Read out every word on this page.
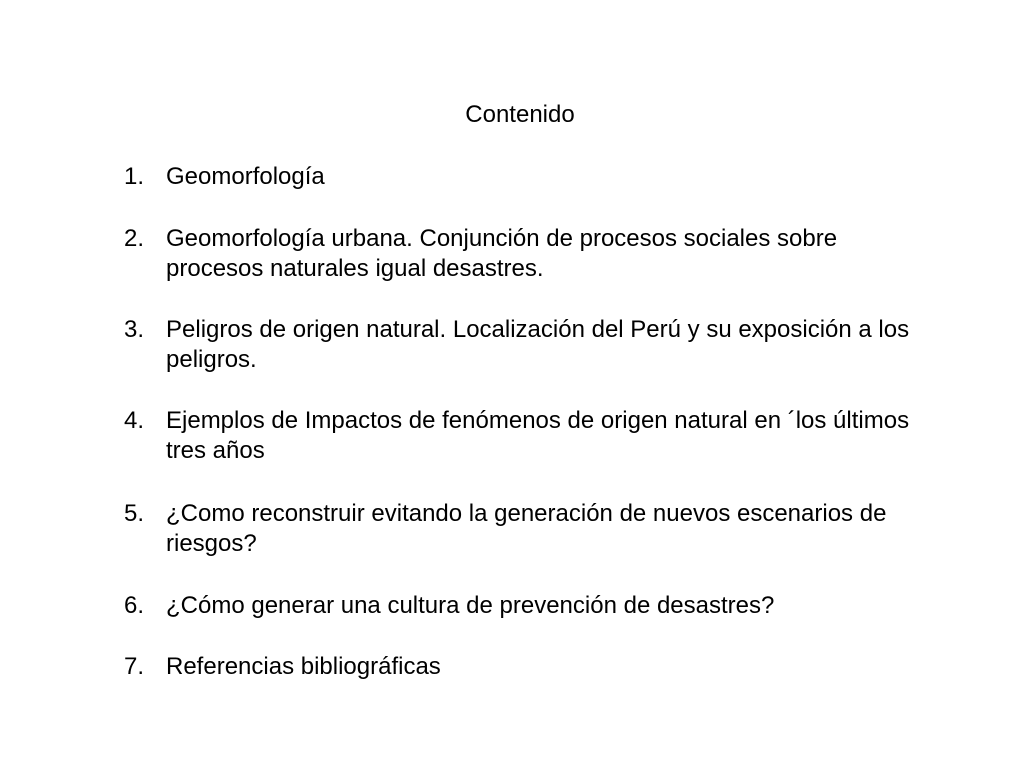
Contenido
1. Geomorfología
2. Geomorfología urbana. Conjunción de procesos sociales sobre procesos naturales igual desastres.
3. Peligros de origen natural. Localización del Perú y su exposición a los peligros.
4. Ejemplos de Impactos de fenómenos de origen natural en ´los últimos tres años
5. ¿Como reconstruir evitando la generación de nuevos escenarios de riesgos?
6. ¿Cómo generar una cultura de prevención de desastres?
7. Referencias bibliográficas
